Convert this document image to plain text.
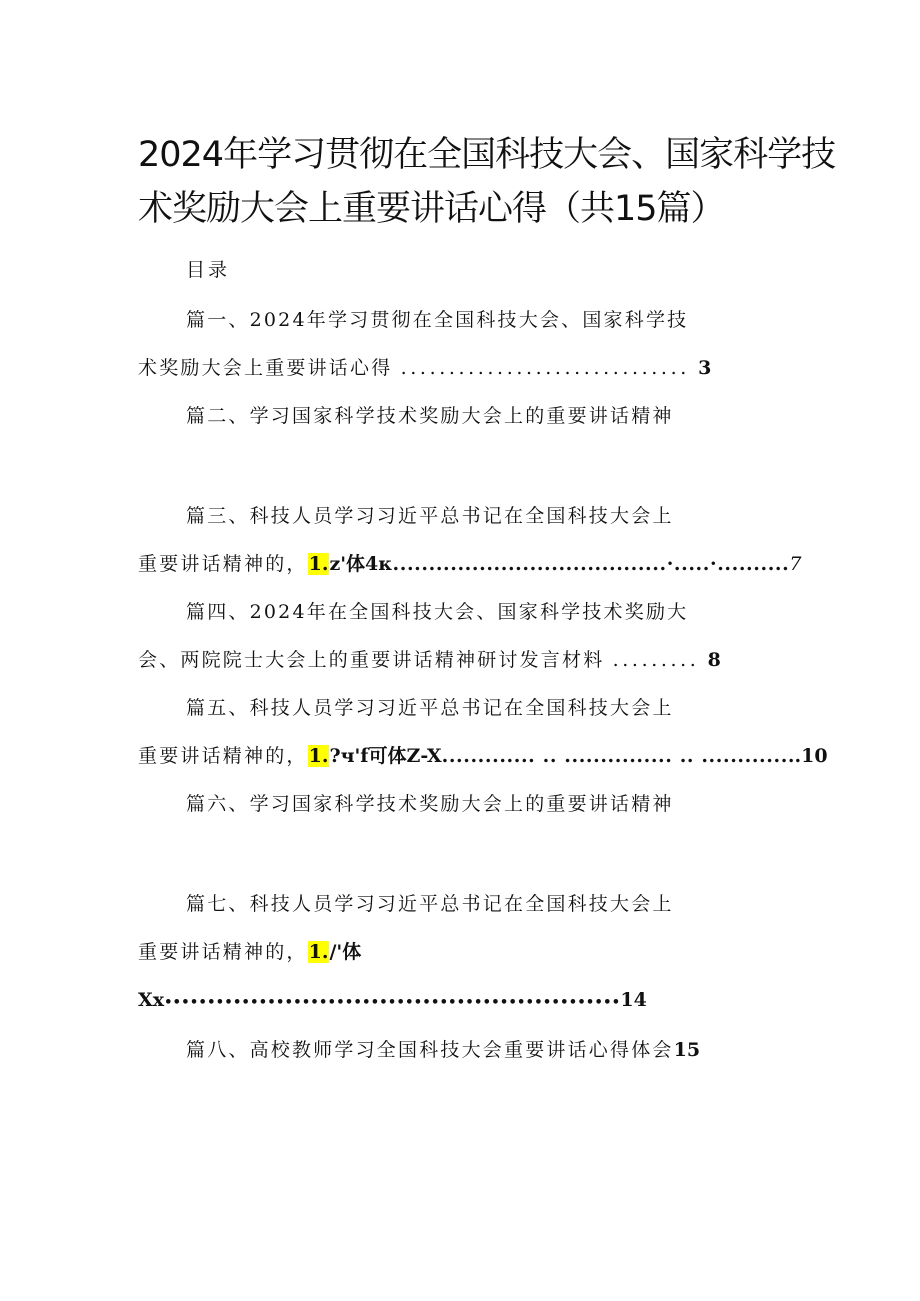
2024年学习贯彻在全国科技大会、国家科学技
术奖励大会上重要讲话心得（共15篇）
目录
篇一、2024年学习贯彻在全国科技大会、国家科学技
术奖励大会上重要讲话心得 .............................. 3
篇二、学习国家科学技术奖励大会上的重要讲话精神
篇三、科技人员学习习近平总书记在全国科技大会上
重要讲话精神的，1.z'体4κ......................................·.....·..........7
篇四、2024年在全国科技大会、国家科学技术奖励大
会、两院院士大会上的重要讲话精神研讨发言材料 ......... 8
篇五、科技人员学习习近平总书记在全国科技大会上
重要讲话精神的，1.?ч'f可体Z-X............. .. ............... .. ..............10
篇六、学习国家科学技术奖励大会上的重要讲话精神
篇七、科技人员学习习近平总书记在全国科技大会上
重要讲话精神的，1./'体
Xx•••••••••••••••••••••••••••••••••••••••••••••••••••••14
篇八、高校教师学习全国科技大会重要讲话心得体会15
